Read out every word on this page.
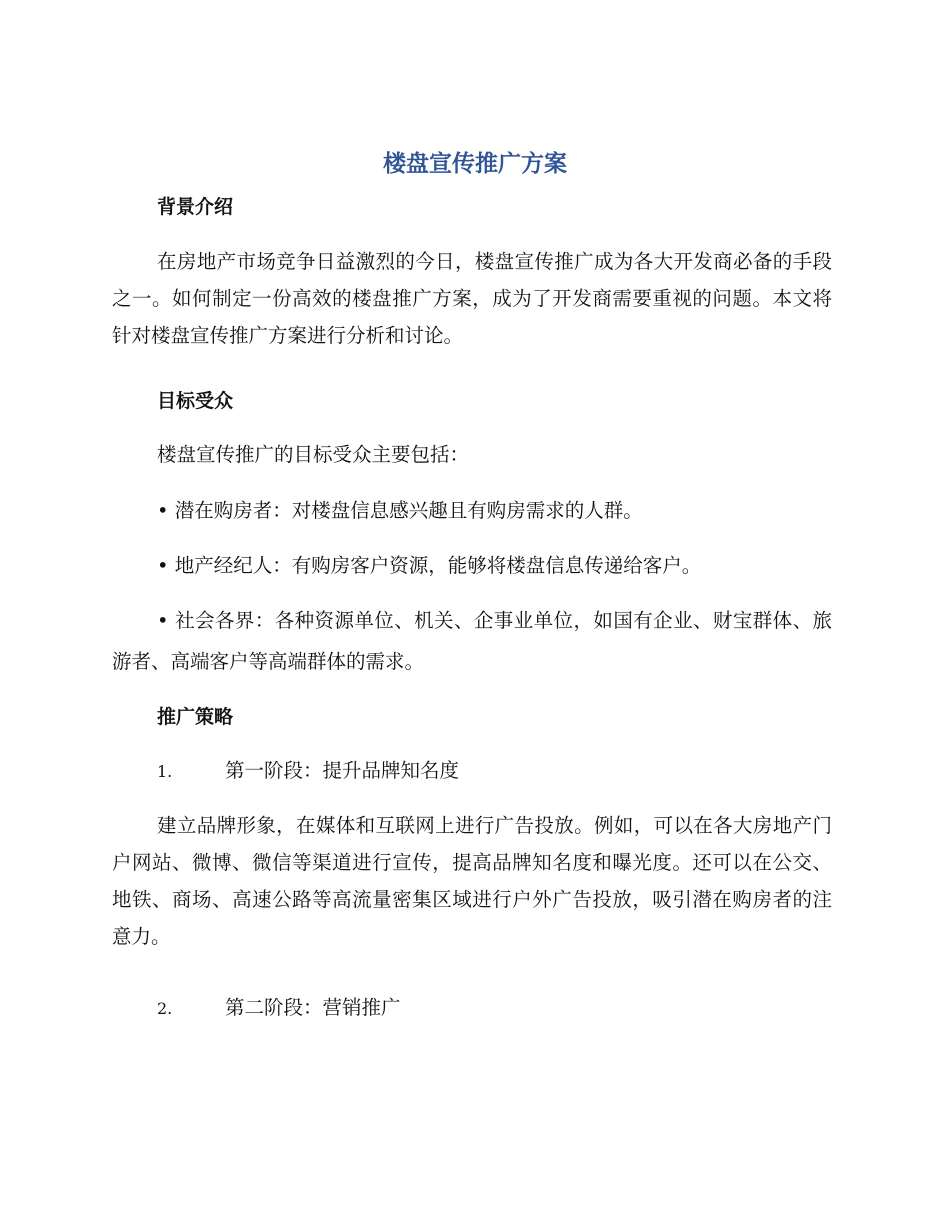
楼盘宣传推广方案
背景介绍

在房地产市场竞争日益激烈的今日，楼盘宣传推广成为各大开发商必备的手段之一。如何制定一份高效的楼盘推广方案，成为了开发商需要重视的问题。本文将针对楼盘宣传推广方案进行分析和讨论。

目标受众

楼盘宣传推广的目标受众主要包括：

• 潜在购房者：对楼盘信息感兴趣且有购房需求的人群。

• 地产经纪人：有购房客户资源，能够将楼盘信息传递给客户。

• 社会各界：各种资源单位、机关、企事业单位，如国有企业、财宝群体、旅游者、高端客户等高端群体的需求。

推广策略
1.	第一阶段：提升品牌知名度

建立品牌形象，在媒体和互联网上进行广告投放。例如，可以在各大房地产门户网站、微博、微信等渠道进行宣传，提高品牌知名度和曝光度。还可以在公交、地铁、商场、高速公路等高流量密集区域进行户外广告投放，吸引潜在购房者的注意力。

2.	第二阶段：营销推广
